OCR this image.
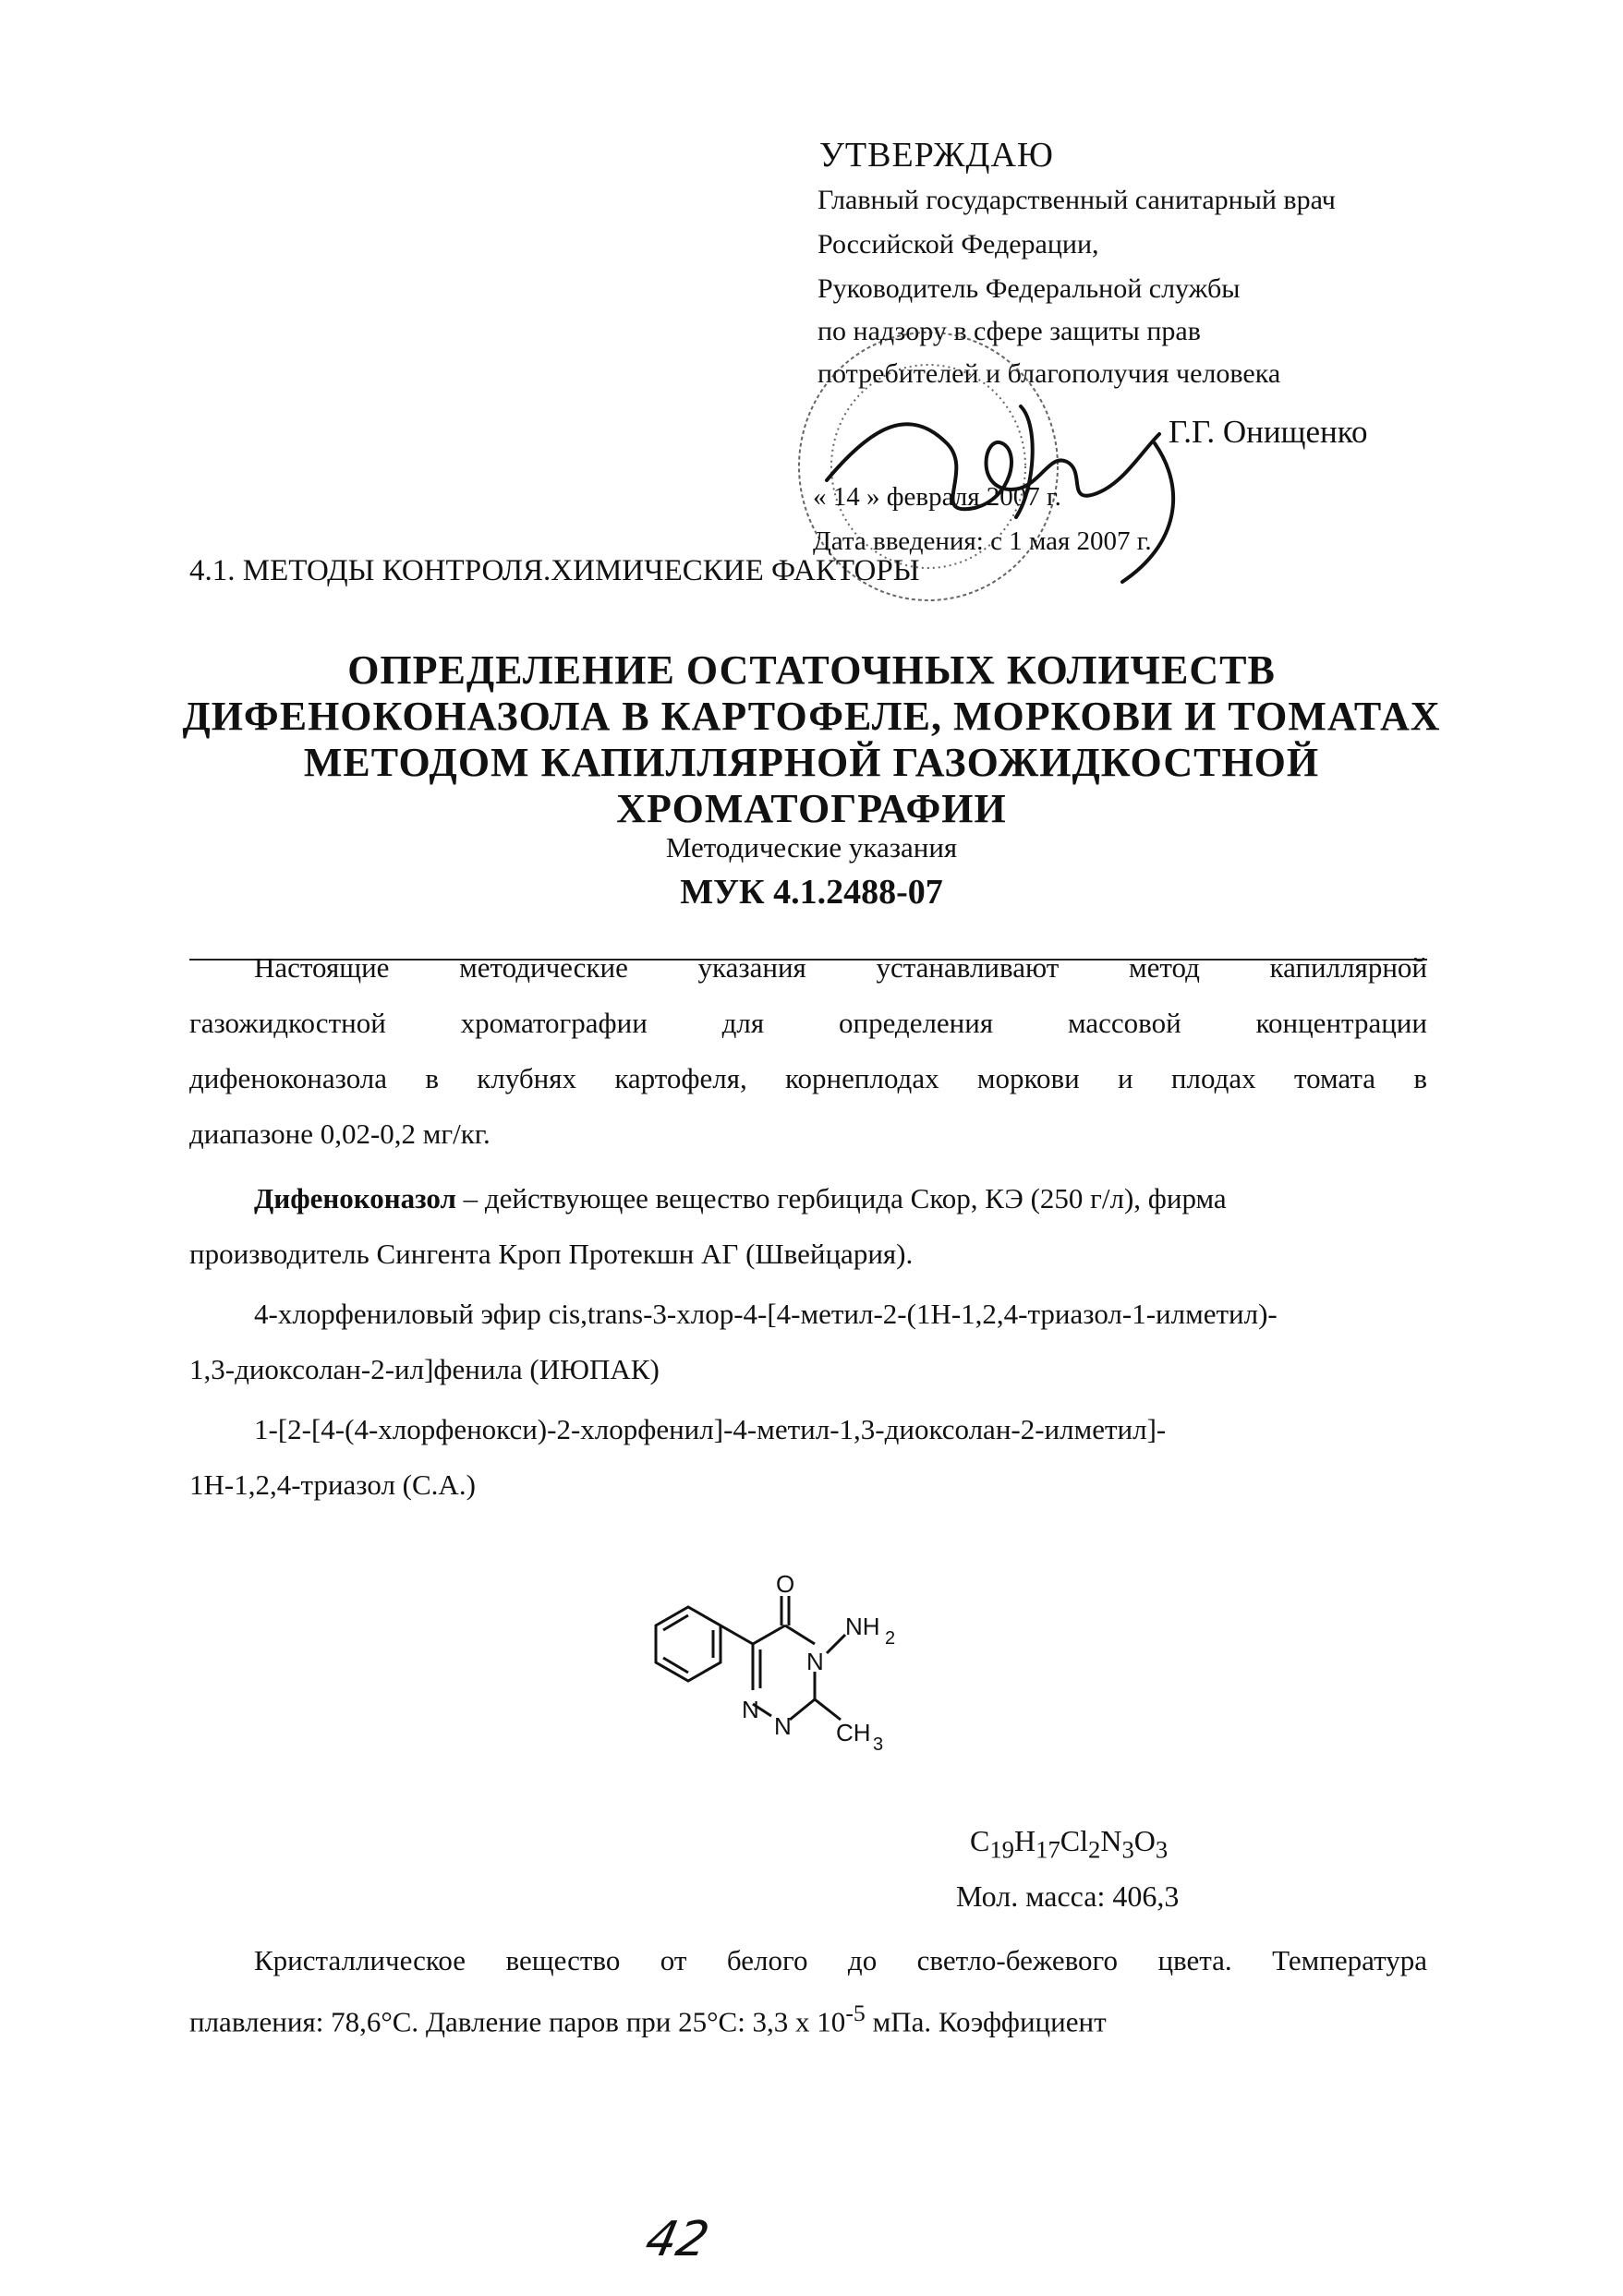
УТВЕРЖДАЮ
Главный государственный санитарный врач
Российской Федерации,
Руководитель Федеральной службы
по надзору в сфере защиты прав
потребителей и благополучия человека
Г.Г. Онищенко
« 14 » февраля 2007 г.
Дата введения: с 1 мая 2007 г.
4.1. МЕТОДЫ КОНТРОЛЯ.ХИМИЧЕСКИЕ ФАКТОРЫ
ОПРЕДЕЛЕНИЕ ОСТАТОЧНЫХ КОЛИЧЕСТВ
ДИФЕНОКОНАЗОЛА В КАРТОФЕЛЕ, МОРКОВИ И ТОМАТАХ
МЕТОДОМ КАПИЛЛЯРНОЙ ГАЗОЖИДКОСТНОЙ
ХРОМАТОГРАФИИ
Методические указания
МУК 4.1.2488-07
Настоящие методические указания устанавливают метод капиллярной
газожидкостной хроматографии для определения массовой концентрации
дифеноконазола в клубнях картофеля, корнеплодах моркови и плодах томата в
диапазоне 0,02-0,2 мг/кг.
Дифеноконазол – действующее вещество гербицида Скор, КЭ (250 г/л), фирма
производитель Сингента Кроп Протекшн АГ (Швейцария).
4-хлорфениловый эфир cis,trans-3-хлор-4-[4-метил-2-(1H-1,2,4-триазол-1-илметил)-
1,3-диоксолан-2-ил]фенила (ИЮПАК)
1-[2-[4-(4-хлорфенокси)-2-хлорфенил]-4-метил-1,3-диоксолан-2-илметил]-
1H-1,2,4-триазол (С.А.)
O
N
NH 2
N
N CH 3
$C_{19}H_{17}Cl_2N_3O_3$
Мол. масса: 406,3
Кристаллическое вещество от белого до светло-бежевого цвета. Температура
плавления: 78,6°С. Давление паров при 25°С: 3,3 х $10^{-5}$ мПа. Коэффициент
42
